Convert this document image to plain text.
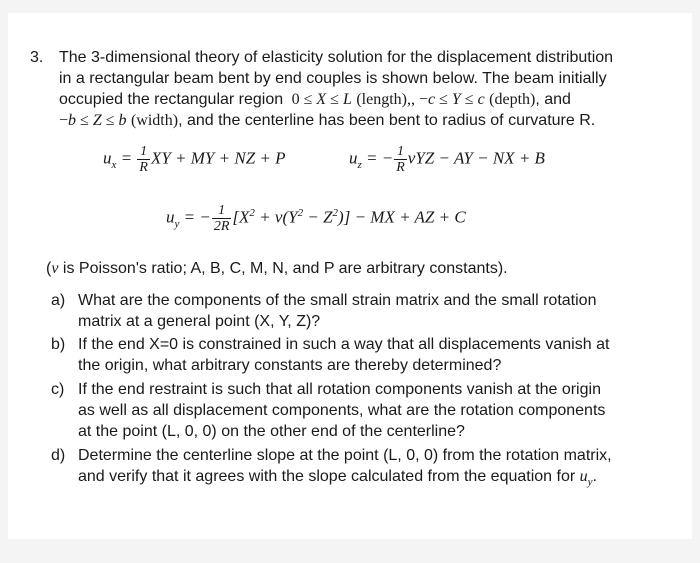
3. The 3-dimensional theory of elasticity solution for the displacement distribution
in a rectangular beam bent by end couples is shown below. The beam initially
occupied the rectangular region  0 ≤ X ≤ L (length),, −c ≤ Y ≤ c (depth), and
−b ≤ Z ≤ b (width), and the centerline has been bent to radius of curvature R.
$u_x = \frac{1}{R}$ XY + MY + NZ + P	$u_z$ = − $\frac{1}{R}$ νYZ − AY − NX + B
$u_y$ = − $\frac{1}{2R} [X^2 + \nu(Y^2 - Z^2)]$ − MX + AZ + C
(ν is Poisson's ratio; A, B, C, M, N, and P are arbitrary constants).
a) What are the components of the small strain matrix and the small rotation
matrix at a general point (X, Y, Z)?
b) If the end X=0 is constrained in such a way that all displacements vanish at
the origin, what arbitrary constants are thereby determined?
c) If the end restraint is such that all rotation components vanish at the origin
as well as all displacement components, what are the rotation components
at the point (L, 0, 0) on the other end of the centerline?
d) Determine the centerline slope at the point (L, 0, 0) from the rotation matrix,
and verify that it agrees with the slope calculated from the equation for $u_y$.
